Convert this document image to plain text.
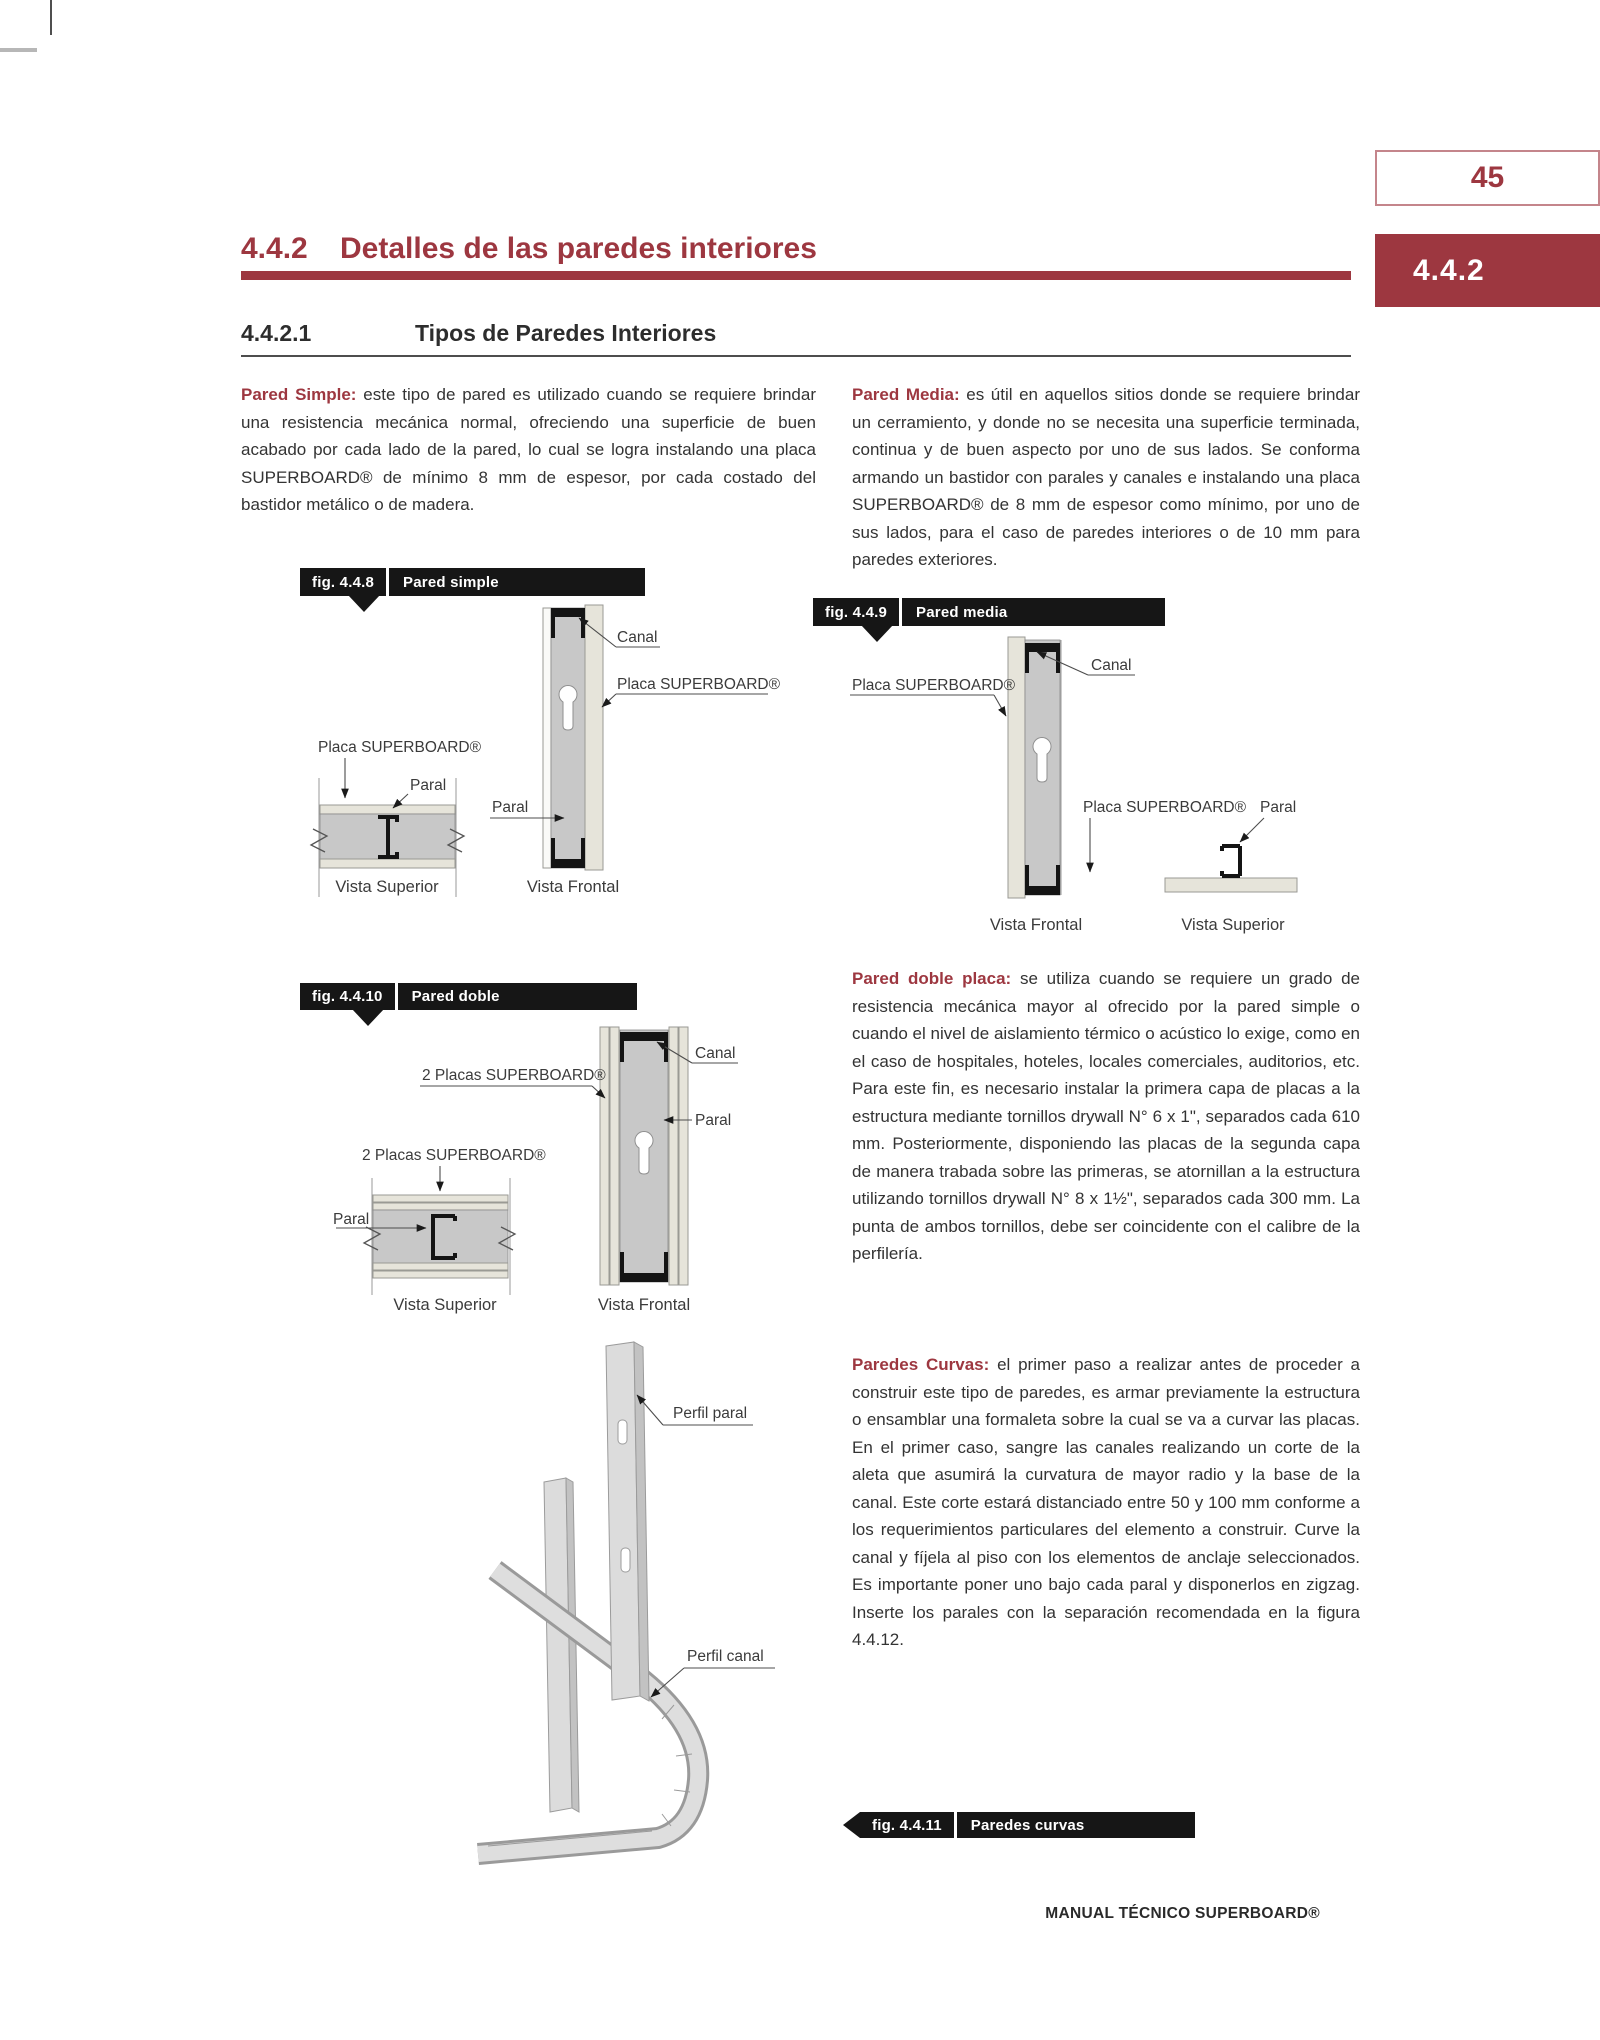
45
4.4.2
4.4.2	Detalles de las paredes interiores
4.4.2.1	Tipos de Paredes Interiores

Pared Simple: este tipo de pared es utilizado cuando se requiere brindar una resistencia mecánica normal, ofreciendo una superficie de buen acabado por cada lado de la pared, lo cual se logra instalando una placa SUPERBOARD® de mínimo 8 mm de espesor, por cada costado del bastidor metálico o de madera.

Pared Media: es útil en aquellos sitios donde se requiere brindar un cerramiento, y donde no se necesita una superficie terminada, continua y de buen aspecto por uno de sus lados. Se conforma armando un bastidor con parales y canales e instalando una placa SUPERBOARD® de 8 mm de espesor como mínimo, por uno de sus lados, para el caso de paredes interiores o de 10 mm para paredes exteriores.

Pared doble placa: se utiliza cuando se requiere un grado de resistencia mecánica mayor al ofrecido por la pared simple o cuando el nivel de aislamiento térmico o acústico lo exige, como en el caso de hospitales, hoteles, locales comerciales, auditorios, etc. Para este fin, es necesario instalar la primera capa de placas a la estructura mediante tornillos drywall N° 6 x 1", separados cada 610 mm. Posteriormente, disponiendo las placas de la segunda capa de manera trabada sobre las primeras, se atornillan a la estructura utilizando tornillos drywall N° 8 x 1½", separados cada 300 mm. La punta de ambos tornillos, debe ser coincidente con el calibre de la perfilería.

Paredes Curvas: el primer paso a realizar antes de proceder a construir este tipo de paredes, es armar previamente la estructura o ensamblar una formaleta sobre la cual se va a curvar las placas. En el primer caso, sangre las canales realizando un corte de la aleta que asumirá la curvatura de mayor radio y la base de la canal. Este corte estará distanciado entre 50 y 100 mm conforme a los requerimientos particulares del elemento a construir. Curve la canal y fíjela al piso con los elementos de anclaje seleccionados. Es importante poner uno bajo cada paral y disponerlos en zigzag. Inserte los parales con la separación recomendada en la figura 4.4.12.

fig. 4.4.8	Pared simple
Placa SUPERBOARD®
Paral
Vista Superior
Canal
Placa SUPERBOARD®
Paral
Vista Frontal
fig. 4.4.9	Pared media
Placa SUPERBOARD®
Canal
Vista Frontal
Placa SUPERBOARD® Paral
Vista Superior
fig. 4.4.10	Pared doble
2 Placas SUPERBOARD®
Canal
Paral
Vista Frontal
2 Placas SUPERBOARD®
Paral
Vista Superior
Perfil paral
Perfil canal
fig. 4.4.11	Paredes curvas
MANUAL TÉCNICO SUPERBOARD®
